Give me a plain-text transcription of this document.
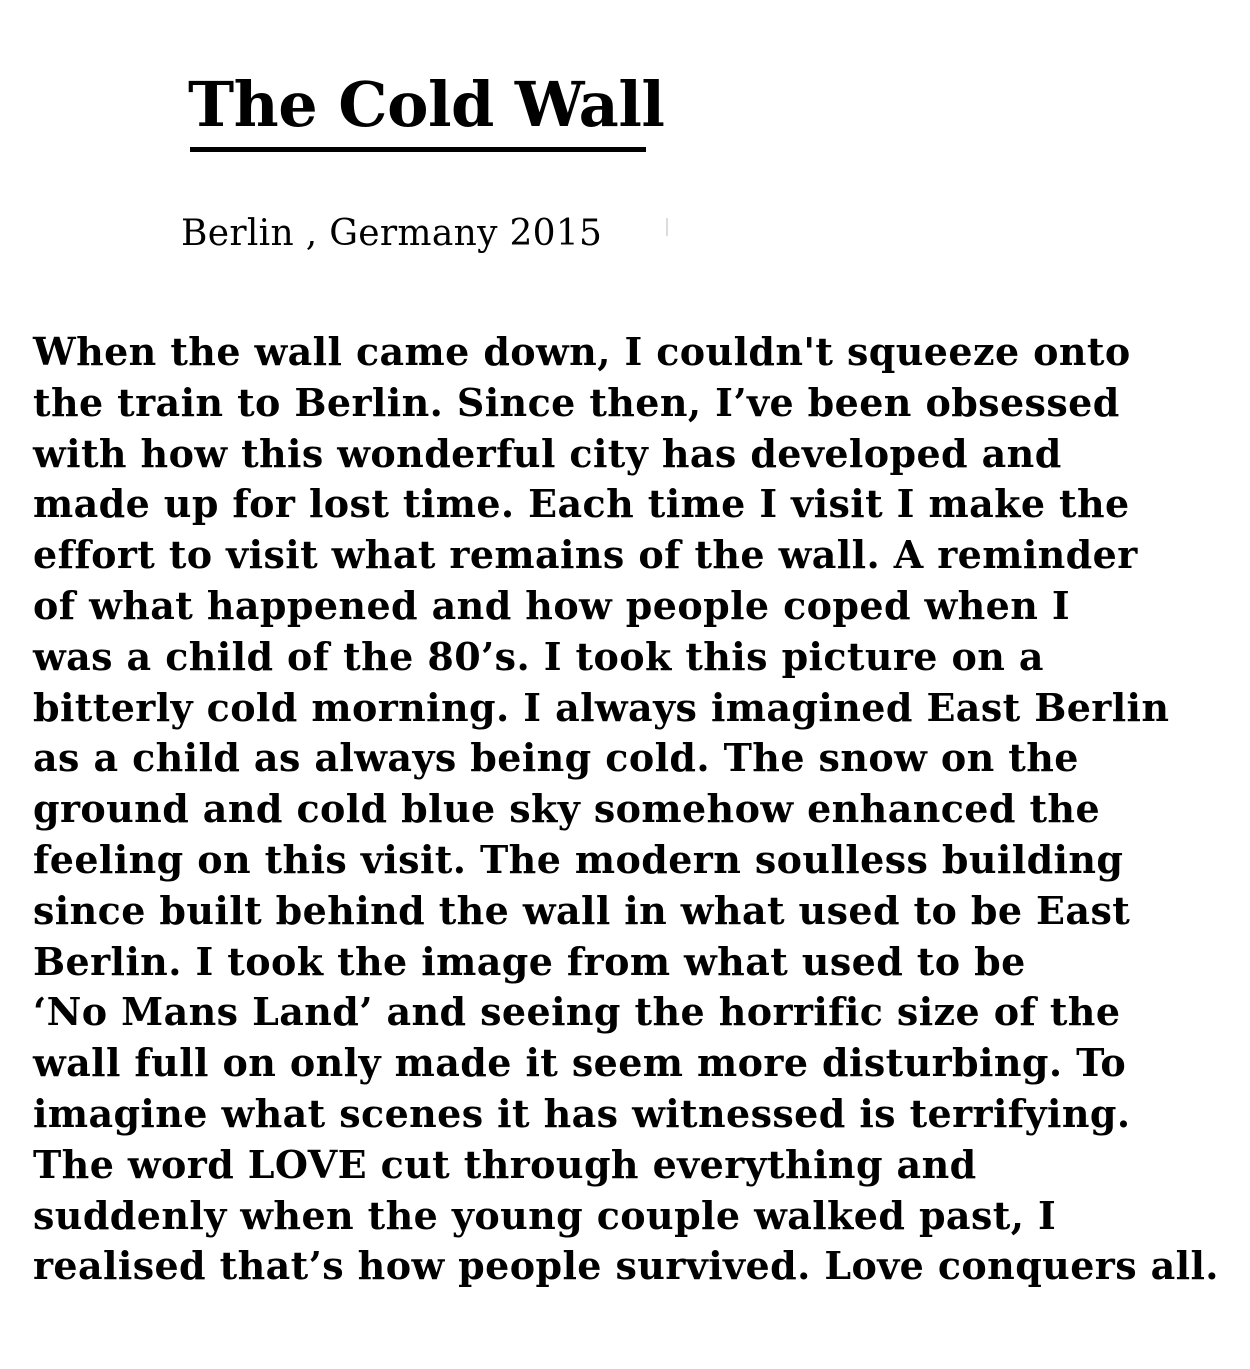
The Cold Wall
Berlin , Germany 2015
When the wall came down, I couldn't squeeze onto
the train to Berlin. Since then, I’ve been obsessed
with how this wonderful city has developed and
made up for lost time. Each time I visit I make the
effort to visit what remains of the wall. A reminder
of what happened and how people coped when I
was a child of the 80’s. I took this picture on a
bitterly cold morning. I always imagined East Berlin
as a child as always being cold. The snow on the
ground and cold blue sky somehow enhanced the
feeling on this visit. The modern soulless building
since built behind the wall in what used to be East
Berlin. I took the image from what used to be
‘No Mans Land’ and seeing the horrific size of the
wall full on only made it seem more disturbing. To
imagine what scenes it has witnessed is terrifying.
The word LOVE cut through everything and
suddenly when the young couple walked past, I
realised that’s how people survived. Love conquers all.
